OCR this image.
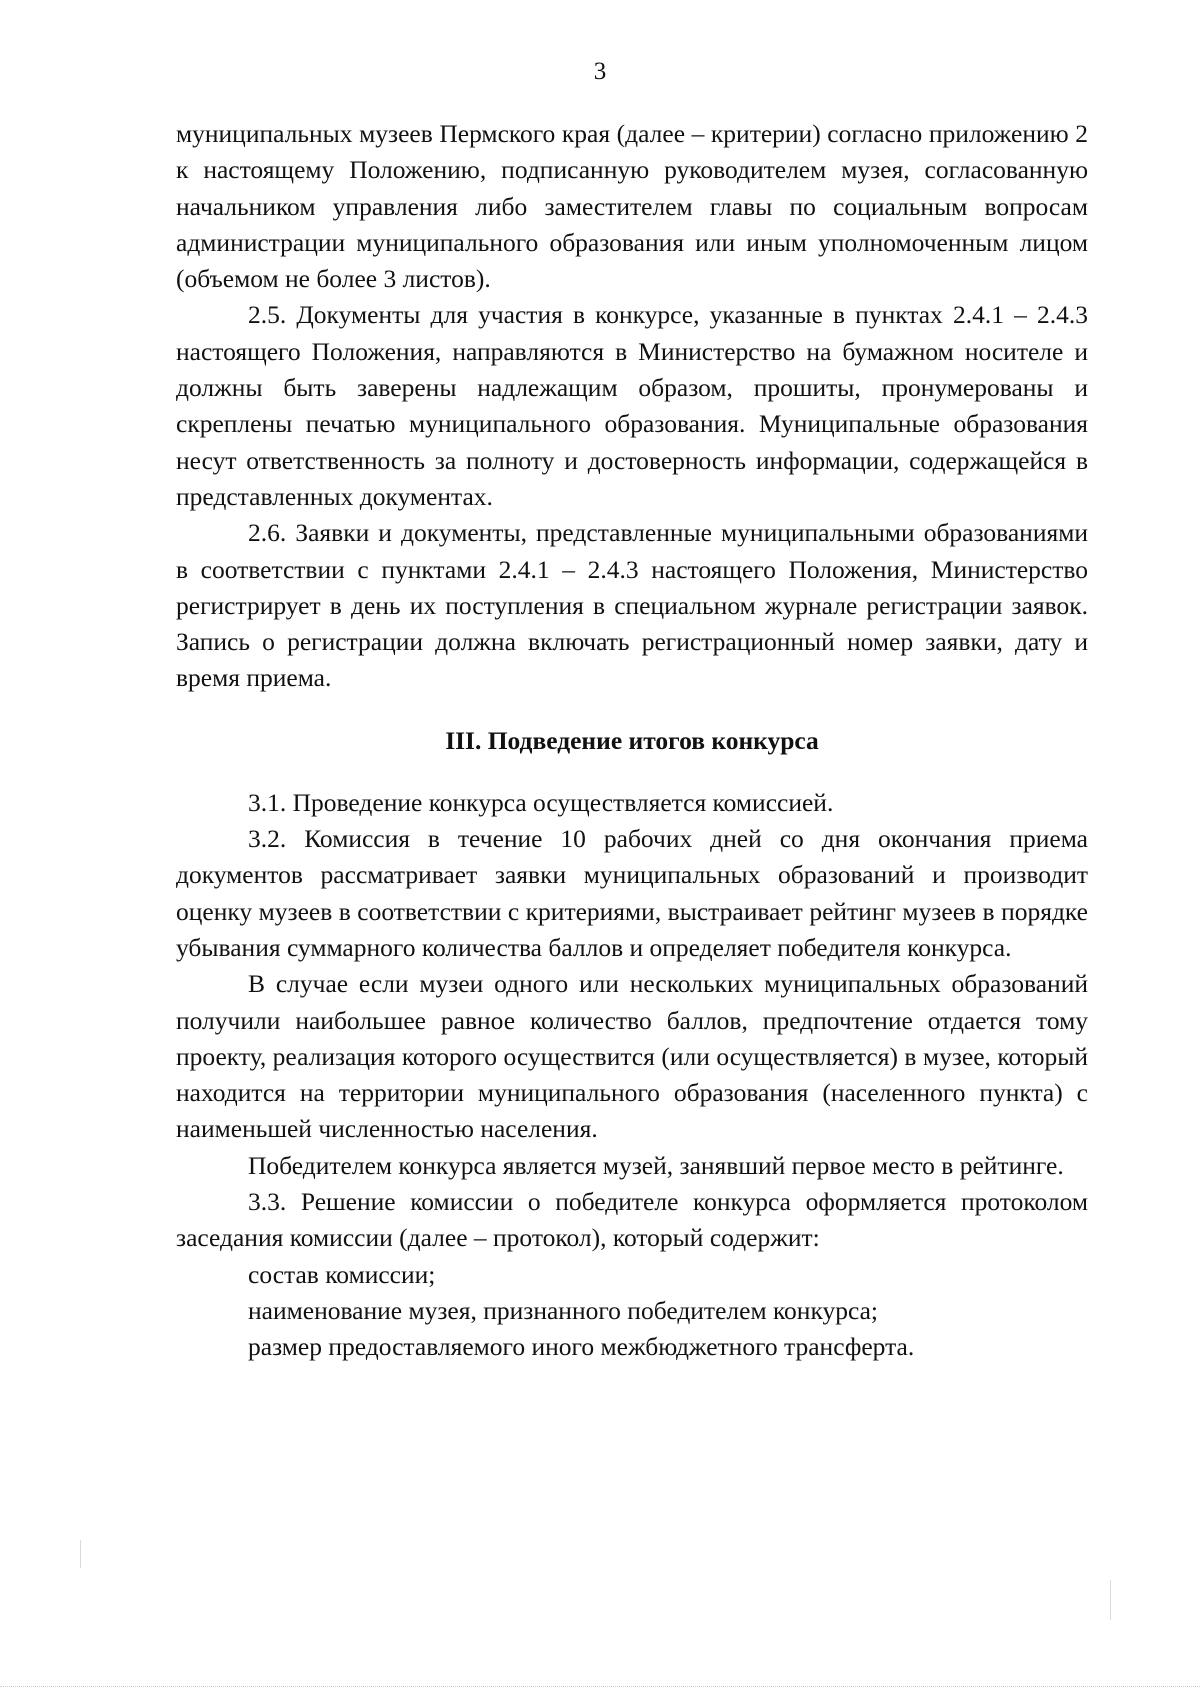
3

муниципальных музеев Пермского края (далее – критерии) согласно приложению 2 к настоящему Положению, подписанную руководителем музея, согласованную начальником управления либо заместителем главы по социальным вопросам администрации муниципального образования или иным уполномоченным лицом (объемом не более 3 листов).

2.5. Документы для участия в конкурсе, указанные в пунктах 2.4.1 – 2.4.3 настоящего Положения, направляются в Министерство на бумажном носителе и должны быть заверены надлежащим образом, прошиты, пронумерованы и скреплены печатью муниципального образования. Муниципальные образования несут ответственность за полноту и достоверность информации, содержащейся в представленных документах.

2.6. Заявки и документы, представленные муниципальными образованиями в соответствии с пунктами 2.4.1 – 2.4.3 настоящего Положения, Министерство регистрирует в день их поступления в специальном журнале регистрации заявок. Запись о регистрации должна включать регистрационный номер заявки, дату и время приема.

III. Подведение итогов конкурса

3.1. Проведение конкурса осуществляется комиссией.

3.2. Комиссия в течение 10 рабочих дней со дня окончания приема документов рассматривает заявки муниципальных образований и производит оценку музеев в соответствии с критериями, выстраивает рейтинг музеев в порядке убывания суммарного количества баллов и определяет победителя конкурса.

В случае если музеи одного или нескольких муниципальных образований получили наибольшее равное количество баллов, предпочтение отдается тому проекту, реализация которого осуществится (или осуществляется) в музее, который находится на территории муниципального образования (населенного пункта) с наименьшей численностью населения.

Победителем конкурса является музей, занявший первое место в рейтинге.

3.3. Решение комиссии о победителе конкурса оформляется протоколом заседания комиссии (далее – протокол), который содержит:

состав комиссии;

наименование музея, признанного победителем конкурса;

размер предоставляемого иного межбюджетного трансферта.
